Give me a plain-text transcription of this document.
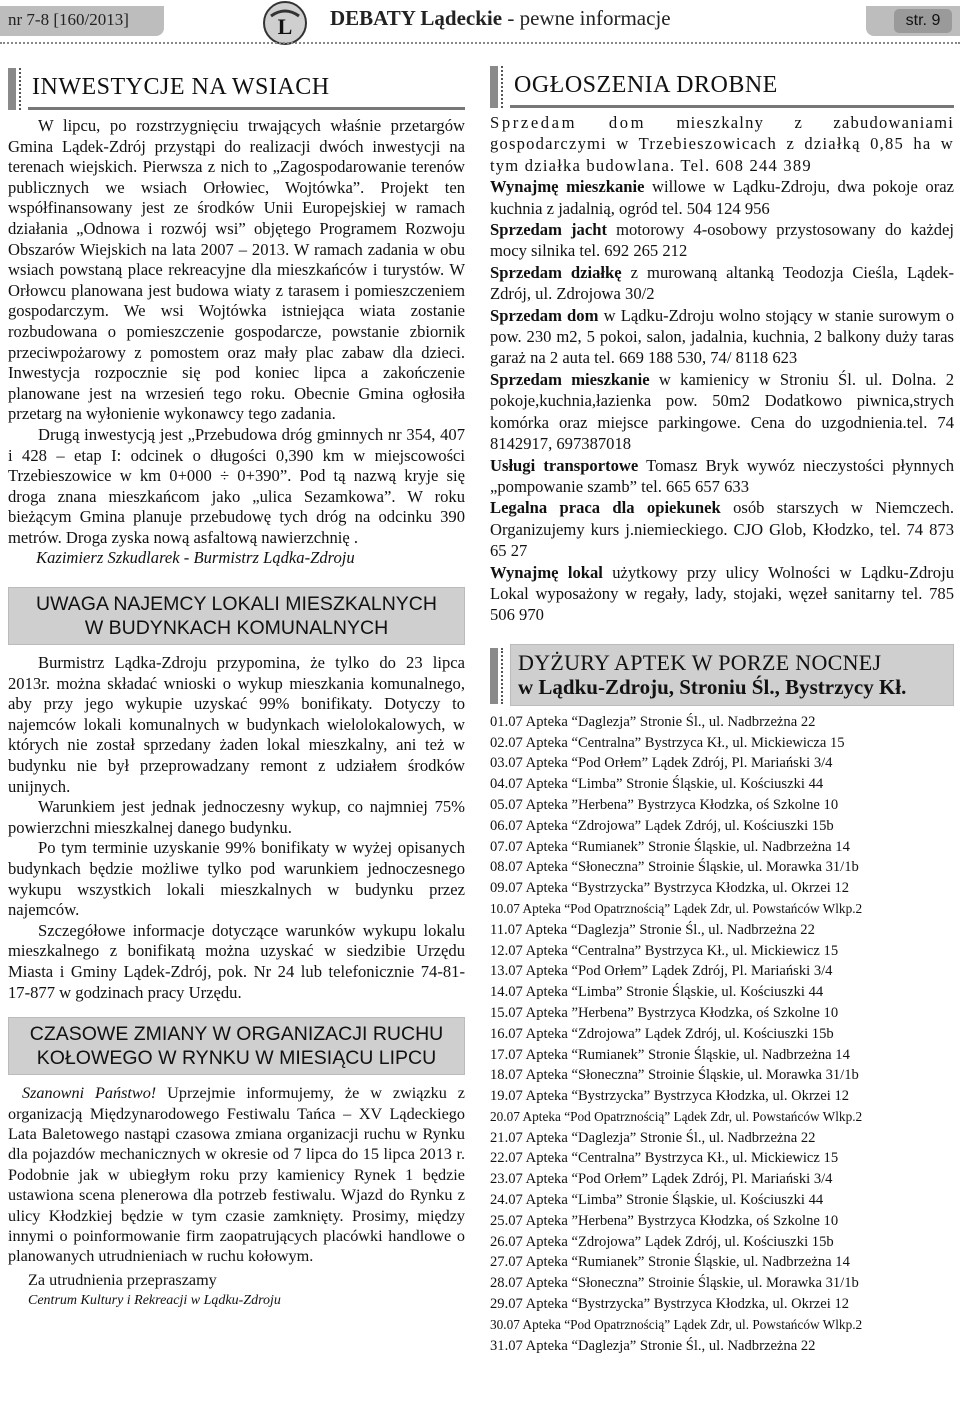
nr 7-8 [160/2013]	L DEBATY Lądeckie - pewne informacje	str. 9
INWESTYCJE NA WSIACH

W lipcu, po rozstrzygnięciu trwających właśnie przetargów Gmina Lądek-Zdrój przystąpi do realizacji dwóch inwestycji na terenach wiejskich. Pierwsza z nich to „Zagospodarowanie terenów publicznych we wsiach Orłowiec, Wojtówka”. Projekt ten współfinansowany jest ze środków Unii Europejskiej w ramach działania „Odnowa i rozwój wsi” objętego Programem Rozwoju Obszarów Wiejskich na lata 2007 – 2013. W ramach zadania w obu wsiach powstaną place rekreacyjne dla mieszkańców i turystów. W Orłowcu planowana jest budowa wiaty z tarasem i pomieszczeniem gospodarczym. We wsi Wojtówka istniejąca wiata zostanie rozbudowana o pomieszczenie gospodarcze, powstanie zbiornik przeciwpożarowy z pomostem oraz mały plac zabaw dla dzieci. Inwestycja rozpocznie się pod koniec lipca a zakończenie planowane jest na wrzesień tego roku. Obecnie Gmina ogłosiła przetarg na wyłonienie wykonawcy tego zadania.

Drugą inwestycją jest „Przebudowa dróg gminnych nr 354, 407 i 428 – etap I: odcinek o długości 0,390 km w miejscowości Trzebieszowice w km 0+000 ÷ 0+390”. Pod tą nazwą kryje się droga znana mieszkańcom jako „ulica Sezamkowa”. W roku bieżącym Gmina planuje przebudowę tych dróg na odcinku 390 metrów. Droga zyska nową asfaltową nawierzchnię .

Kazimierz Szkudlarek - Burmistrz Lądka-Zdroju
UWAGA NAJEMCY LOKALI MIESZKALNYCH
W BUDYNKACH KOMUNALNYCH

Burmistrz Lądka-Zdroju przypomina, że tylko do 23 lipca 2013r. można składać wnioski o wykup mieszkania komunalnego, aby przy jego wykupie uzyskać 99% bonifikaty. Dotyczy to najemców lokali komunalnych w budynkach wielolokalowych, w których nie został sprzedany żaden lokal mieszkalny, ani też w budynku nie był przeprowadzany remont z udziałem środków unijnych.

Warunkiem jest jednak jednoczesny wykup, co najmniej 75% powierzchni mieszkalnej danego budynku.

Po tym terminie uzyskanie 99% bonifikaty w wyżej opisanych budynkach będzie możliwe tylko pod warunkiem jednoczesnego wykupu wszystkich lokali mieszkalnych w budynku przez najemców.

Szczegółowe informacje dotyczące warunków wykupu lokalu mieszkalnego z bonifikatą można uzyskać w siedzibie Urzędu Miasta i Gminy Lądek-Zdrój, pok. Nr 24 lub telefonicznie 74-81-17-877 w godzinach pracy Urzędu.

CZASOWE ZMIANY W ORGANIZACJI RUCHU
KOŁOWEGO W RYNKU W MIESIĄCU LIPCU

Szanowni Państwo! Uprzejmie informujemy, że w związku z organizacją Międzynarodowego Festiwalu Tańca – XV Lądeckiego Lata Baletowego nastąpi czasowa zmiana organizacji ruchu w Rynku dla pojazdów mechanicznych w okresie od 7 lipca do 15 lipca 2013 r. Podobnie jak w ubiegłym roku przy kamienicy Rynek 1 będzie ustawiona scena plenerowa dla potrzeb festiwalu. Wjazd do Rynku z ulicy Kłodzkiej będzie w tym czasie zamknięty. Prosimy, między innymi o poinformowanie firm zaopatrujących placówki handlowe o planowanych utrudnieniach w ruchu kołowym.

Za utrudnienia przepraszamy
Centrum Kultury i Rekreacji w Lądku-Zdroju
OGŁOSZENIA DROBNE

Sprzedam dom mieszkalny z zabudowaniami gospodarczymi w Trzebieszowicach z działką 0,85 ha w tym działka budowlana. Tel. 608 244 389

Wynajmę mieszkanie willowe w Lądku-Zdroju, dwa pokoje oraz kuchnia z jadalnią, ogród tel. 504 124 956

Sprzedam jacht motorowy 4-osobowy przystosowany do każdej mocy silnika tel. 692 265 212

Sprzedam działkę z murowaną altanką Teodozja Cieśla, Lądek-Zdrój, ul. Zdrojowa 30/2

Sprzedam dom w Lądku-Zdroju wolno stojący w stanie surowym o pow. 230 m2, 5 pokoi, salon, jadalnia, kuchnia, 2 balkony duży taras garaż na 2 auta tel. 669 188 530, 74/ 8118 623

Sprzedam mieszkanie w kamienicy w Stroniu Śl. ul. Dolna. 2 pokoje,kuchnia,łazienka pow. 50m2 Dodatkowo piwnica,strych komórka oraz miejsce parkingowe. Cena do uzgodnienia.tel. 74 8142917, 697387018

Usługi transportowe Tomasz Bryk wywóz nieczystości płynnych „pompowanie szamb” tel. 665 657 633

Legalna praca dla opiekunek osób starszych w Niemczech. Organizujemy kurs j.niemieckiego. CJO Glob, Kłodzko, tel. 74 873 65 27

Wynajmę lokal użytkowy przy ulicy Wolności w Lądku-Zdroju Lokal wyposażony w regały, lady, stojaki, węzeł sanitarny tel. 785 506 970

DYŻURY APTEK W PORZE NOCNEJ
w Lądku-Zdroju, Stroniu Śl., Bystrzycy Kł.
01.07 Apteka “Daglezja” Stronie Śl., ul. Nadbrzeżna 22
02.07 Apteka “Centralna” Bystrzyca Kł., ul. Mickiewicza 15
03.07 Apteka “Pod Orłem” Lądek Zdrój, Pl. Mariański 3/4
04.07 Apteka “Limba” Stronie Śląskie, ul. Kościuszki 44
05.07 Apteka ”Herbena” Bystrzyca Kłodzka, oś Szkolne 10
06.07 Apteka “Zdrojowa” Lądek Zdrój, ul. Kościuszki 15b
07.07 Apteka “Rumianek” Stronie Śląskie, ul. Nadbrzeżna 14
08.07 Apteka “Słoneczna” Stroinie Śląskie, ul. Morawka 31/1b
09.07 Apteka “Bystrzycka” Bystrzyca Kłodzka, ul. Okrzei 12
10.07 Apteka “Pod Opatrznością” Lądek Zdr, ul. Powstańców Wlkp.2
11.07 Apteka “Daglezja” Stronie Śl., ul. Nadbrzeżna 22
12.07 Apteka “Centralna” Bystrzyca Kł., ul. Mickiewicz 15
13.07 Apteka “Pod Orłem” Lądek Zdrój, Pl. Mariański 3/4
14.07 Apteka “Limba” Stronie Śląskie, ul. Kościuszki 44
15.07 Apteka ”Herbena” Bystrzyca Kłodzka, oś Szkolne 10
16.07 Apteka “Zdrojowa” Lądek Zdrój, ul. Kościuszki 15b
17.07 Apteka “Rumianek” Stronie Śląskie, ul. Nadbrzeżna 14
18.07 Apteka “Słoneczna” Stroinie Śląskie, ul. Morawka 31/1b
19.07 Apteka “Bystrzycka” Bystrzyca Kłodzka, ul. Okrzei 12
20.07 Apteka “Pod Opatrznością” Lądek Zdr, ul. Powstańców Wlkp.2
21.07 Apteka “Daglezja” Stronie Śl., ul. Nadbrzeżna 22
22.07 Apteka “Centralna” Bystrzyca Kł., ul. Mickiewicz 15
23.07 Apteka “Pod Orłem” Lądek Zdrój, Pl. Mariański 3/4
24.07 Apteka “Limba” Stronie Śląskie, ul. Kościuszki 44
25.07 Apteka ”Herbena” Bystrzyca Kłodzka, oś Szkolne 10
26.07 Apteka “Zdrojowa” Lądek Zdrój, ul. Kościuszki 15b
27.07 Apteka “Rumianek” Stronie Śląskie, ul. Nadbrzeżna 14
28.07 Apteka “Słoneczna” Stroinie Śląskie, ul. Morawka 31/1b
29.07 Apteka “Bystrzycka” Bystrzyca Kłodzka, ul. Okrzei 12
30.07 Apteka “Pod Opatrznością” Lądek Zdr, ul. Powstańców Wlkp.2
31.07 Apteka “Daglezja” Stronie Śl., ul. Nadbrzeżna 22
